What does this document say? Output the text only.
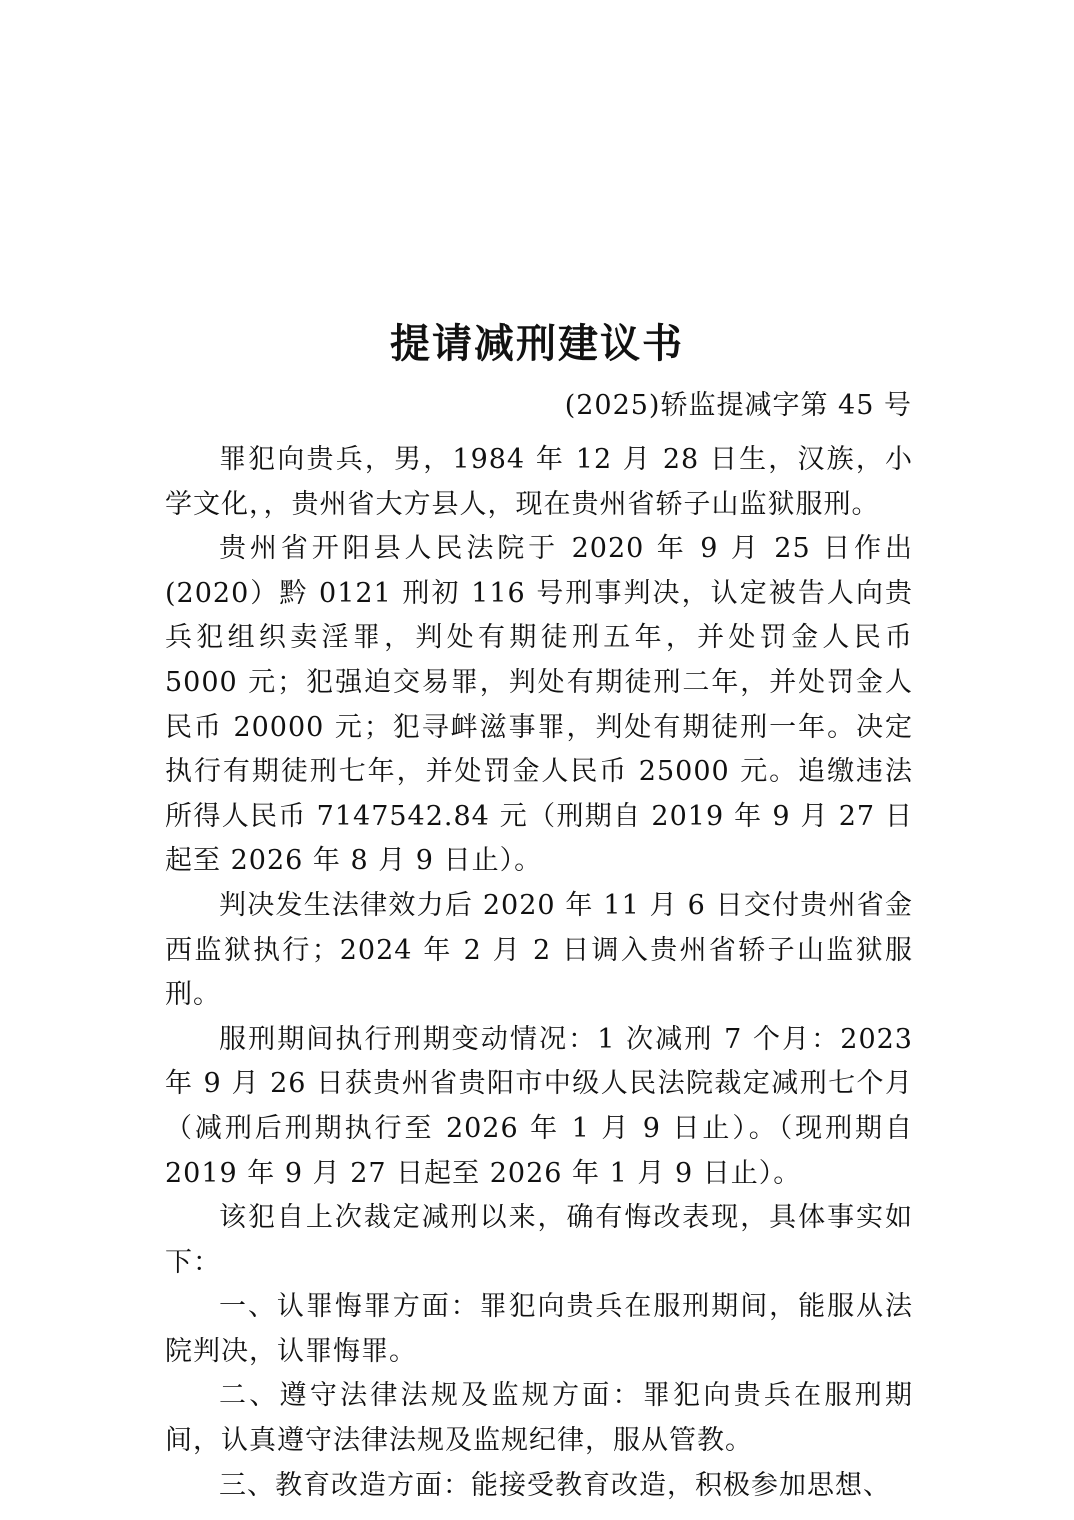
提请减刑建议书
(2025)轿监提减字第 45 号

罪犯向贵兵，男，1984 年 12 月 28 日生，汉族，小学文化，，贵州省大方县人，现在贵州省轿子山监狱服刑。

贵州省开阳县人民法院于 2020 年 9 月 25 日作出(2020）黔 0121 刑初 116 号刑事判决，认定被告人向贵兵犯组织卖淫罪，判处有期徒刑五年，并处罚金人民币 5000 元；犯强迫交易罪，判处有期徒刑二年，并处罚金人民币 20000 元；犯寻衅滋事罪，判处有期徒刑一年。决定执行有期徒刑七年，并处罚金人民币 25000 元。追缴违法所得人民币 7147542.84 元（刑期自 2019 年 9 月 27 日起至 2026 年 8 月 9 日止）。

判决发生法律效力后 2020 年 11 月 6 日交付贵州省金西监狱执行；2024 年 2 月 2 日调入贵州省轿子山监狱服刑。

服刑期间执行刑期变动情况：1 次减刑 7 个月：2023 年 9 月 26 日获贵州省贵阳市中级人民法院裁定减刑七个月（减刑后刑期执行至 2026 年 1 月 9 日止）。（现刑期自 2019 年 9 月 27 日起至 2026 年 1 月 9 日止）。

该犯自上次裁定减刑以来，确有悔改表现，具体事实如下：

一、认罪悔罪方面：罪犯向贵兵在服刑期间，能服从法院判决，认罪悔罪。

二、遵守法律法规及监规方面：罪犯向贵兵在服刑期间，认真遵守法律法规及监规纪律，服从管教。

三、教育改造方面：能接受教育改造，积极参加思想、
